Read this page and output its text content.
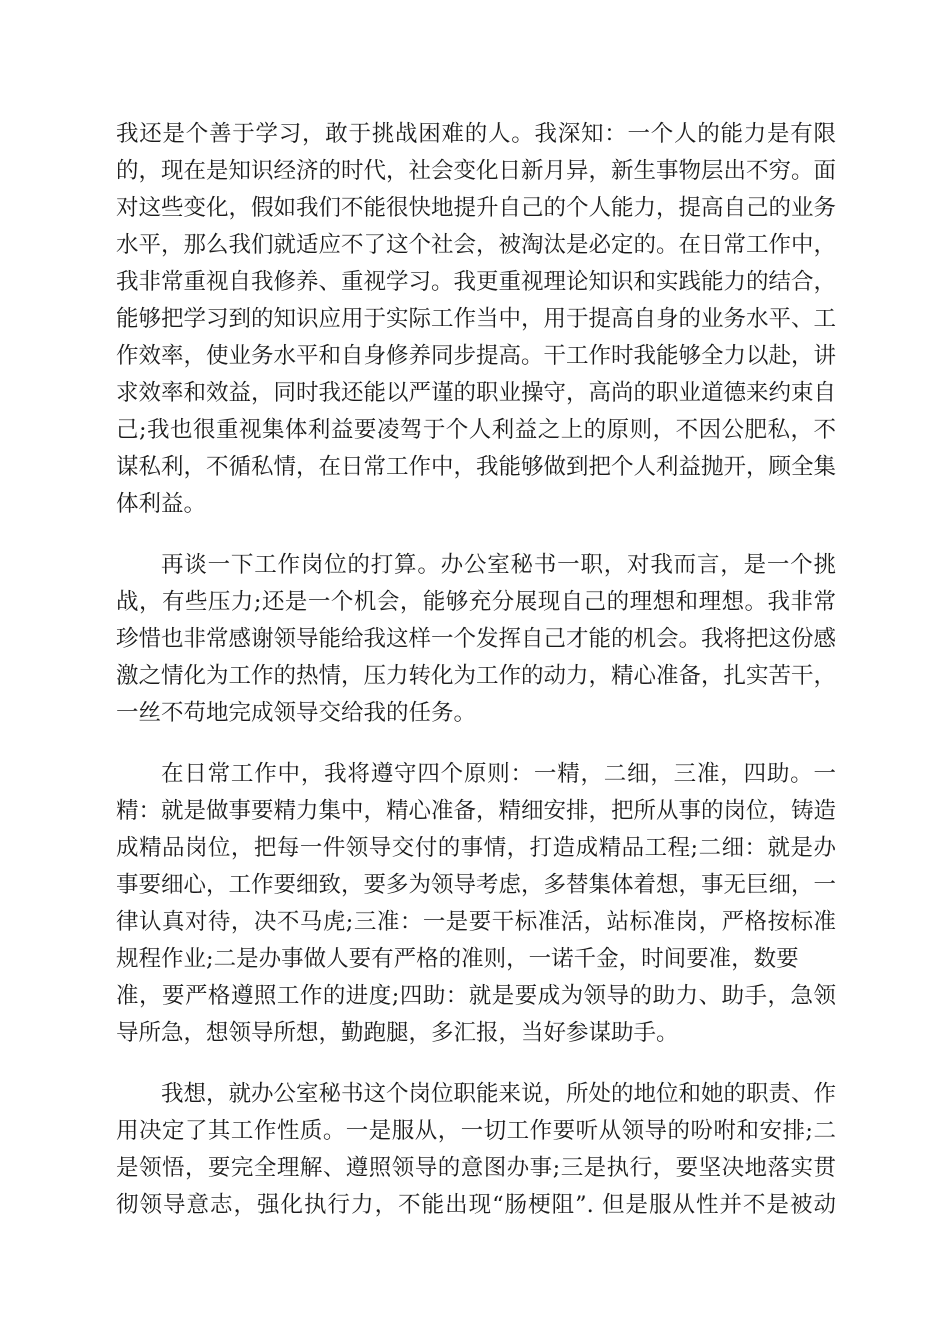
我还是个善于学习，敢于挑战困难的人。我深知：一个人的能力是有限
的，现在是知识经济的时代，社会变化日新月异，新生事物层出不穷。面
对这些变化，假如我们不能很快地提升自己的个人能力，提高自己的业务
水平，那么我们就适应不了这个社会，被淘汰是必定的。在日常工作中，
我非常重视自我修养、重视学习。我更重视理论知识和实践能力的结合，
能够把学习到的知识应用于实际工作当中，用于提高自身的业务水平、工
作效率，使业务水平和自身修养同步提高。干工作时我能够全力以赴，讲
求效率和效益，同时我还能以严谨的职业操守，高尚的职业道德来约束自
己;我也很重视集体利益要凌驾于个人利益之上的原则，不因公肥私，不
谋私利，不循私情，在日常工作中，我能够做到把个人利益抛开，顾全集
体利益。
再谈一下工作岗位的打算。办公室秘书一职，对我而言，是一个挑
战，有些压力;还是一个机会，能够充分展现自己的理想和理想。我非常
珍惜也非常感谢领导能给我这样一个发挥自己才能的机会。我将把这份感
激之情化为工作的热情，压力转化为工作的动力，精心准备，扎实苦干，
一丝不苟地完成领导交给我的任务。
在日常工作中，我将遵守四个原则：一精，二细，三准，四助。一
精：就是做事要精力集中，精心准备，精细安排，把所从事的岗位，铸造
成精品岗位，把每一件领导交付的事情，打造成精品工程;二细：就是办
事要细心，工作要细致，要多为领导考虑，多替集体着想，事无巨细，一
律认真对待，决不马虎;三准：一是要干标准活，站标准岗，严格按标准
规程作业;二是办事做人要有严格的准则，一诺千金，时间要准，数要
准，要严格遵照工作的进度;四助：就是要成为领导的助力、助手，急领
导所急，想领导所想，勤跑腿，多汇报，当好参谋助手。
我想，就办公室秘书这个岗位职能来说，所处的地位和她的职责、作
用决定了其工作性质。一是服从，一切工作要听从领导的吩咐和安排;二
是领悟，要完全理解、遵照领导的意图办事;三是执行，要坚决地落实贯
彻领导意志，强化执行力，不能出现“肠梗阻”. 但是服从性并不是被动
